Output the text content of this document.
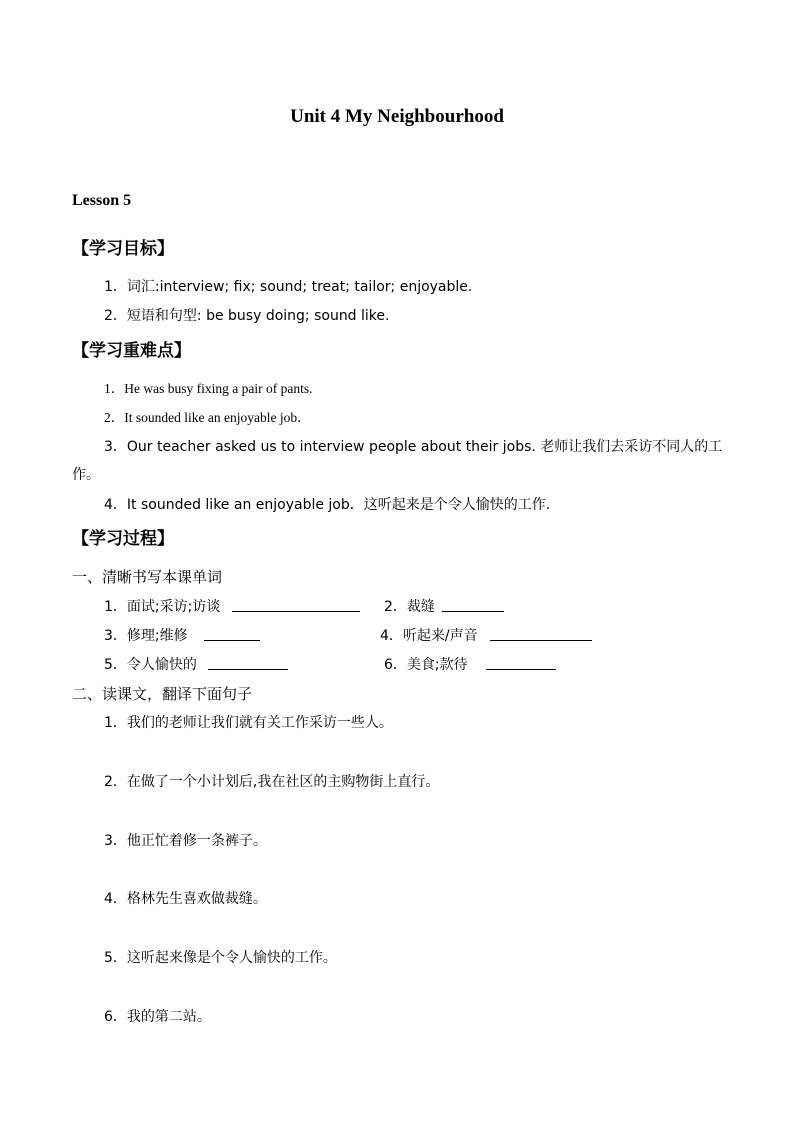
Unit 4 My Neighbourhood
Lesson 5
【学习目标】
1．词汇:interview; fix; sound; treat; tailor; enjoyable.
2．短语和句型: be busy doing; sound like.
【学习重难点】
1．He was busy fixing a pair of pants.
2．It sounded like an enjoyable job．
3．Our teacher asked us to interview people about their jobs. 老师让我们去采访不同人的工
作。
4．It sounded like an enjoyable job．这听起来是个令人愉快的工作.
【学习过程】
一、清晰书写本课单词
1．面试;采访;访谈	2．裁缝
3．修理;维修	4．听起来/声音
5．令人愉快的	6．美食;款待
二、读课文，翻译下面句子
1．我们的老师让我们就有关工作采访一些人。
2．在做了一个小计划后,我在社区的主购物街上直行。
3．他正忙着修一条裤子。
4．格林先生喜欢做裁缝。
5．这听起来像是个令人愉快的工作。
6．我的第二站。
